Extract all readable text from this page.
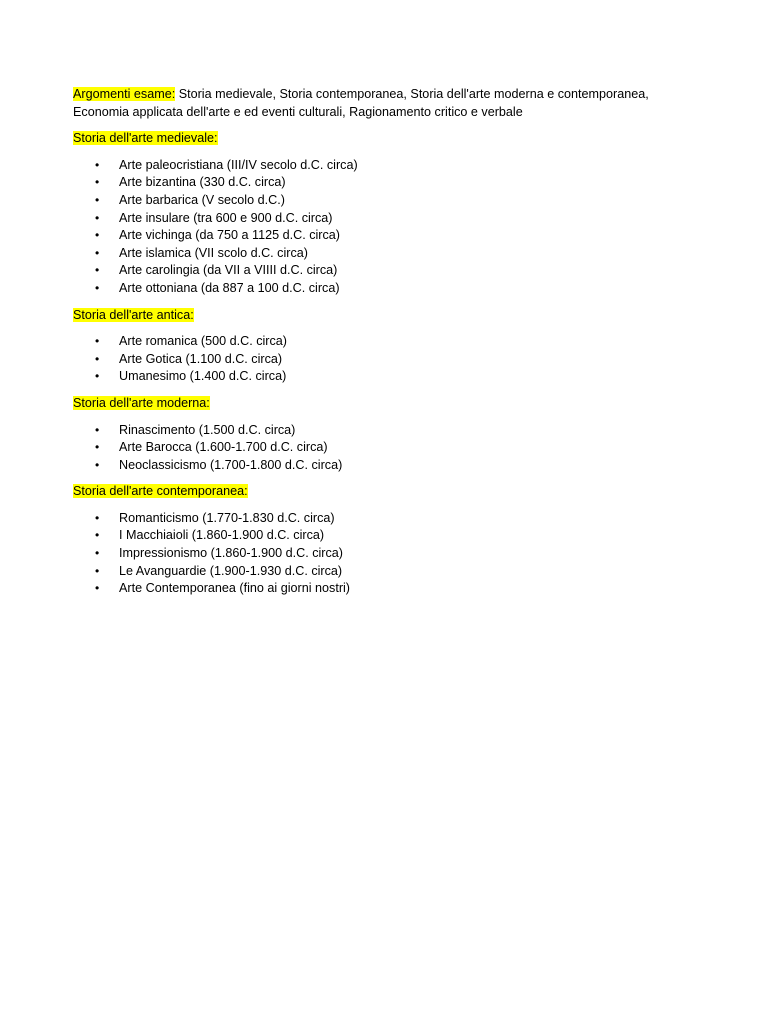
Argomenti esame: Storia medievale, Storia contemporanea, Storia dell'arte moderna e contemporanea, Economia applicata dell'arte e ed eventi culturali, Ragionamento critico e verbale

Storia dell'arte medievale:

• Arte paleocristiana (III/IV secolo d.C. circa)
• Arte bizantina (330 d.C. circa)
• Arte barbarica (V secolo d.C.)
• Arte insulare (tra 600 e 900 d.C. circa)
• Arte vichinga (da 750 a 1125 d.C. circa)
• Arte islamica (VII scolo d.C. circa)
• Arte carolingia (da VII a VIIII d.C. circa)
• Arte ottoniana (da 887 a 100 d.C. circa)

Storia dell'arte antica:

• Arte romanica (500 d.C. circa)
• Arte Gotica (1.100 d.C. circa)
• Umanesimo (1.400 d.C. circa)

Storia dell'arte moderna:

• Rinascimento (1.500 d.C. circa)
• Arte Barocca (1.600-1.700 d.C. circa)
• Neoclassicismo (1.700-1.800 d.C. circa)

Storia dell'arte contemporanea:

• Romanticismo (1.770-1.830 d.C. circa)
• I Macchiaioli (1.860-1.900 d.C. circa)
• Impressionismo (1.860-1.900 d.C. circa)
• Le Avanguardie (1.900-1.930 d.C. circa)
• Arte Contemporanea (fino ai giorni nostri)
